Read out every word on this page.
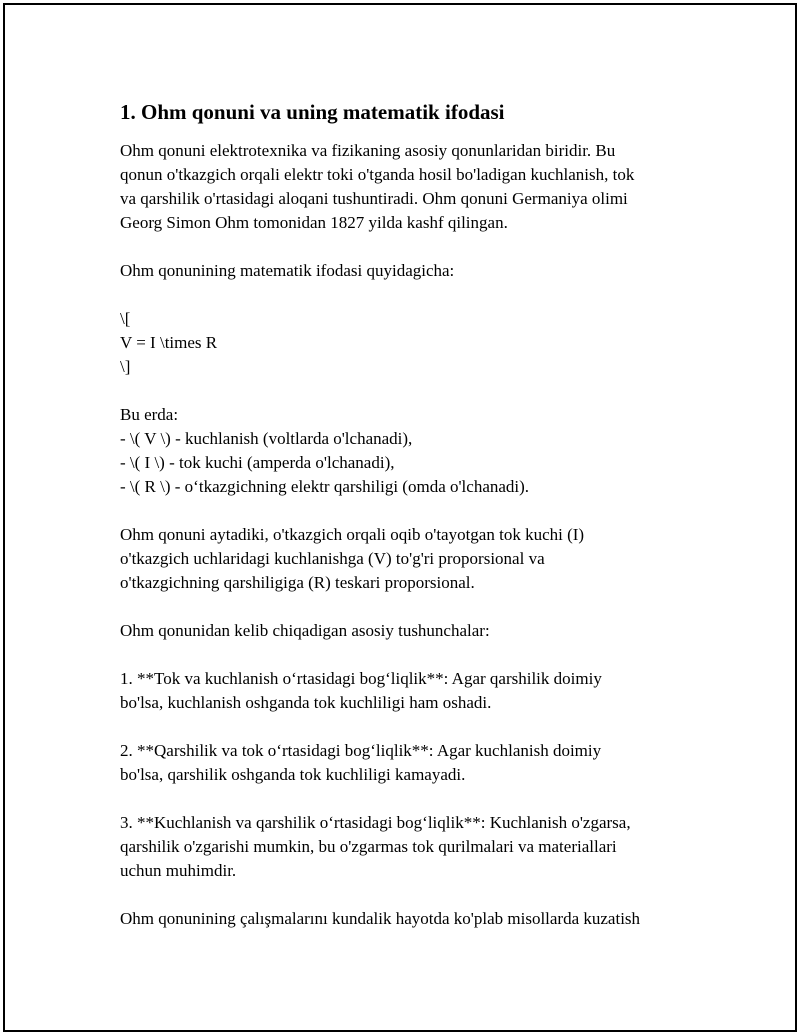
1. Ohm qonuni va uning matematik ifodasi

Ohm qonuni elektrotexnika va fizikaning asosiy qonunlaridan biridir. Bu
qonun o'tkazgich orqali elektr toki o'tganda hosil bo'ladigan kuchlanish, tok
va qarshilik o'rtasidagi aloqani tushuntiradi. Ohm qonuni Germaniya olimi
Georg Simon Ohm tomonidan 1827 yilda kashf qilingan.

Ohm qonunining matematik ifodasi quyidagicha:

\[
V = I \times R
\]

Bu erda:
- \( V \) - kuchlanish (voltlarda o'lchanadi),
- \( I \) - tok kuchi (amperda o'lchanadi),
- \( R \) - o‘tkazgichning elektr qarshiligi (omda o'lchanadi).

Ohm qonuni aytadiki, o'tkazgich orqali oqib o'tayotgan tok kuchi (I)
o'tkazgich uchlaridagi kuchlanishga (V) to'g'ri proporsional va
o'tkazgichning qarshiligiga (R) teskari proporsional.

Ohm qonunidan kelib chiqadigan asosiy tushunchalar:

1. **Tok va kuchlanish o‘rtasidagi bog‘liqlik**: Agar qarshilik doimiy
bo'lsa, kuchlanish oshganda tok kuchliligi ham oshadi.

2. **Qarshilik va tok o‘rtasidagi bog‘liqlik**: Agar kuchlanish doimiy
bo'lsa, qarshilik oshganda tok kuchliligi kamayadi.

3. **Kuchlanish va qarshilik o‘rtasidagi bog‘liqlik**: Kuchlanish o'zgarsa,
qarshilik o'zgarishi mumkin, bu o'zgarmas tok qurilmalari va materiallari
uchun muhimdir.

Ohm qonunining çalışmalarını kundalik hayotda ko'plab misollarda kuzatish
